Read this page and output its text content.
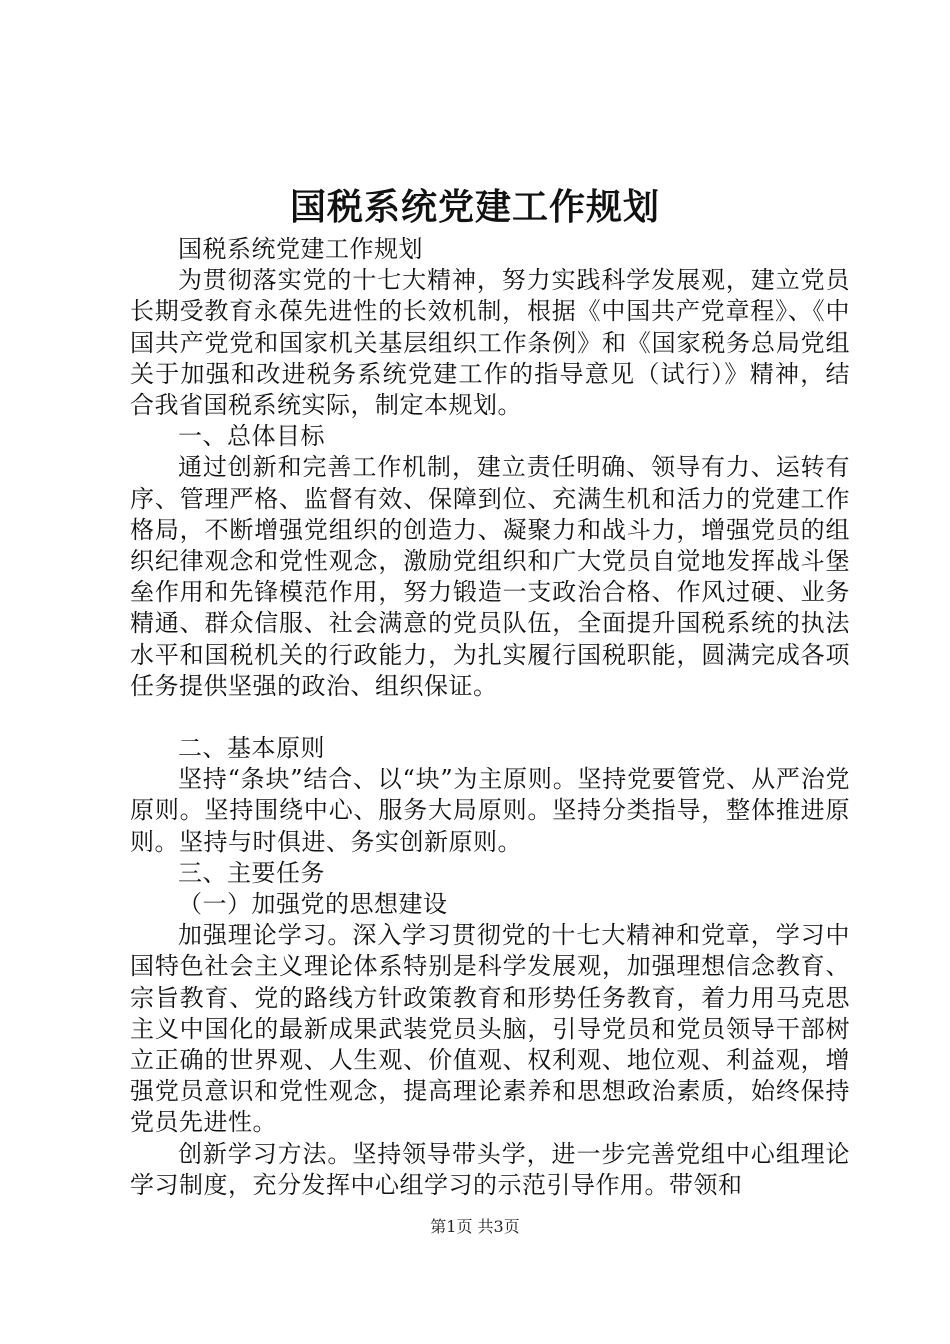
国税系统党建工作规划

国税系统党建工作规划

为贯彻落实党的十七大精神，努力实践科学发展观，建立党员长期受教育永葆先进性的长效机制，根据《中国共产党章程》、《中国共产党党和国家机关基层组织工作条例》和《国家税务总局党组关于加强和改进税务系统党建工作的指导意见（试行）》精神，结合我省国税系统实际，制定本规划。

一、总体目标

通过创新和完善工作机制，建立责任明确、领导有力、运转有序、管理严格、监督有效、保障到位、充满生机和活力的党建工作格局，不断增强党组织的创造力、凝聚力和战斗力，增强党员的组织纪律观念和党性观念，激励党组织和广大党员自觉地发挥战斗堡垒作用和先锋模范作用，努力锻造一支政治合格、作风过硬、业务精通、群众信服、社会满意的党员队伍，全面提升国税系统的执法水平和国税机关的行政能力，为扎实履行国税职能，圆满完成各项任务提供坚强的政治、组织保证。

二、基本原则

坚持“条块”结合、以“块”为主原则。坚持党要管党、从严治党原则。坚持围绕中心、服务大局原则。坚持分类指导，整体推进原则。坚持与时俱进、务实创新原则。

三、主要任务

（一）加强党的思想建设

加强理论学习。深入学习贯彻党的十七大精神和党章，学习中国特色社会主义理论体系特别是科学发展观，加强理想信念教育、宗旨教育、党的路线方针政策教育和形势任务教育，着力用马克思主义中国化的最新成果武装党员头脑，引导党员和党员领导干部树立正确的世界观、人生观、价值观、权利观、地位观、利益观，增强党员意识和党性观念，提高理论素养和思想政治素质，始终保持党员先进性。

创新学习方法。坚持领导带头学，进一步完善党组中心组理论学习制度，充分发挥中心组学习的示范引导作用。带领和

第1页 共3页
